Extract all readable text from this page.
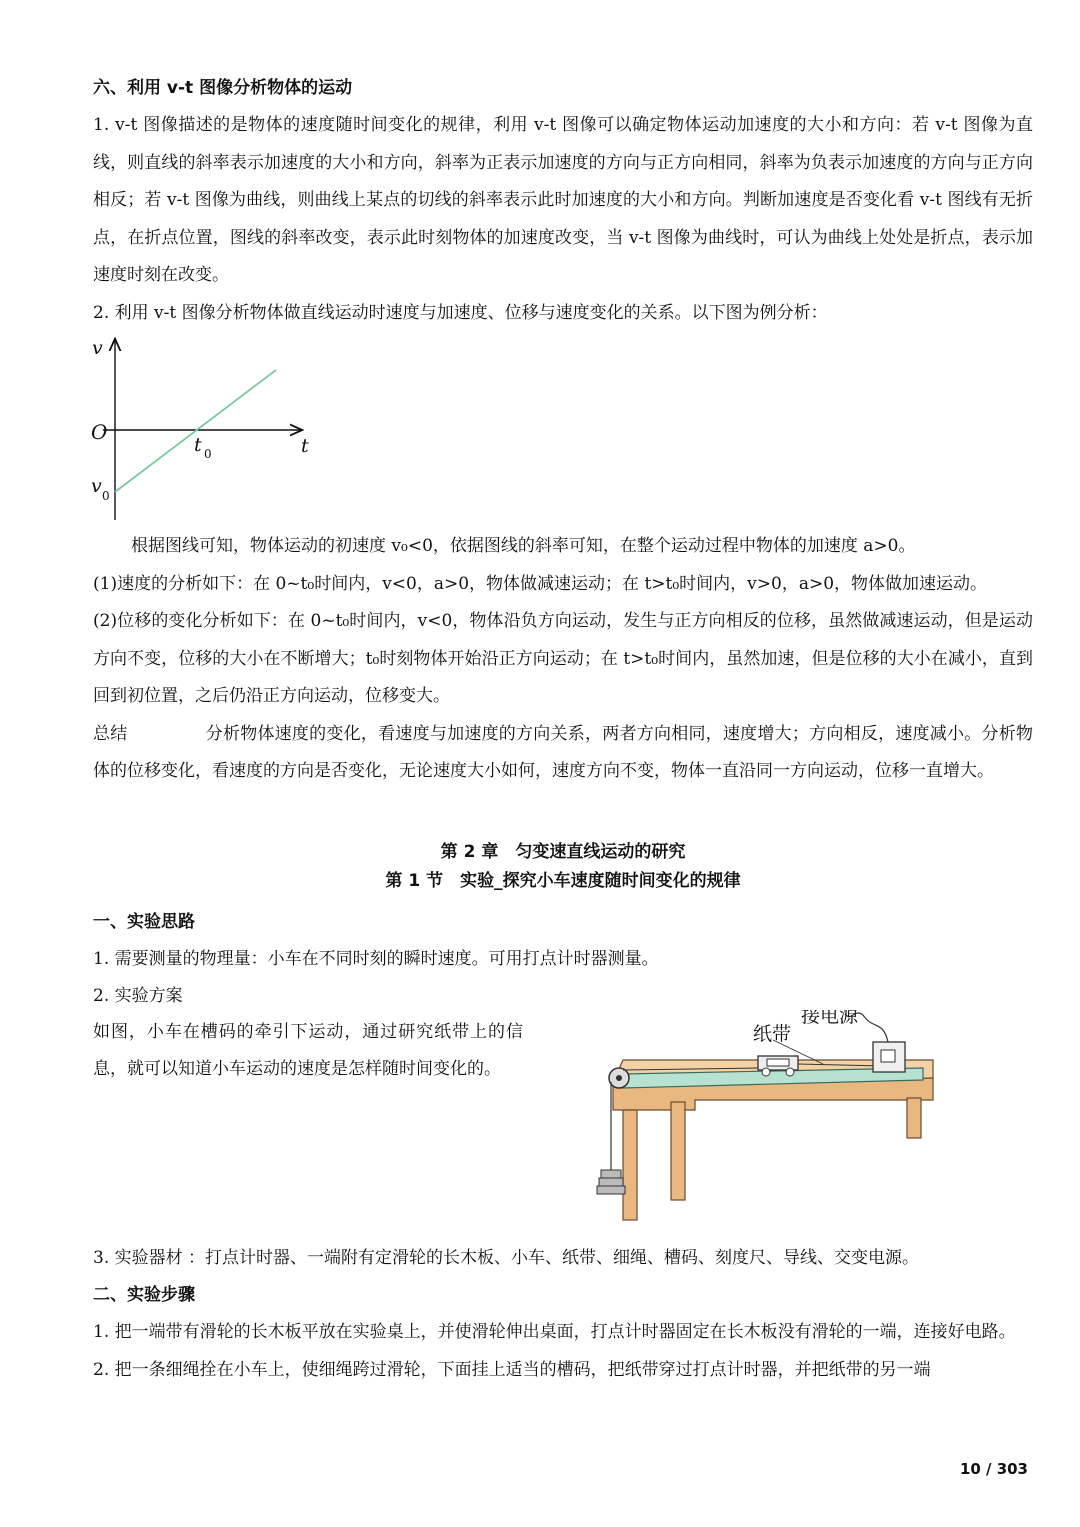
六、利用 v-t 图像分析物体的运动

1. v-t 图像描述的是物体的速度随时间变化的规律，利用 v-t 图像可以确定物体运动加速度的大小和方向：若 v-t 图像为直线，则直线的斜率表示加速度的大小和方向，斜率为正表示加速度的方向与正方向相同，斜率为负表示加速度的方向与正方向相反；若 v-t 图像为曲线，则曲线上某点的切线的斜率表示此时加速度的大小和方向。判断加速度是否变化看 v-t 图线有无折点，在折点位置，图线的斜率改变，表示此时刻物体的加速度改变，当 v-t 图像为曲线时，可认为曲线上处处是折点，表示加速度时刻在改变。

2. 利用 v-t 图像分析物体做直线运动时速度与加速度、位移与速度变化的关系。以下图为例分析：

v
O
t
t 0
v 0

根据图线可知，物体运动的初速度 v₀<0，依据图线的斜率可知，在整个运动过程中物体的加速度 a>0。

(1)速度的分析如下：在 0~t₀时间内，v<0，a>0，物体做减速运动；在 t>t₀时间内，v>0，a>0，物体做加速运动。

(2)位移的变化分析如下：在 0~t₀时间内，v<0，物体沿负方向运动，发生与正方向相反的位移，虽然做减速运动，但是运动方向不变，位移的大小在不断增大；t₀时刻物体开始沿正方向运动；在 t>t₀时间内，虽然加速，但是位移的大小在减小，直到回到初位置，之后仍沿正方向运动，位移变大。

总结	分析物体速度的变化，看速度与加速度的方向关系，两者方向相同，速度增大；方向相反，速度减小。分析物体的位移变化，看速度的方向是否变化，无论速度大小如何，速度方向不变，物体一直沿同一方向运动，位移一直增大。

第 2 章　匀变速直线运动的研究

第 1 节　实验_探究小车速度随时间变化的规律

一、实验思路

1. 需要测量的物理量：小车在不同时刻的瞬时速度。可用打点计时器测量。

2. 实验方案

如图，小车在槽码的牵引下运动，通过研究纸带上的信息，就可以知道小车运动的速度是怎样随时间变化的。

接电源
纸带

3. 实验器材 ：打点计时器、一端附有定滑轮的长木板、小车、纸带、细绳、槽码、刻度尺、导线、交变电源。

二、实验步骤

1. 把一端带有滑轮的长木板平放在实验桌上，并使滑轮伸出桌面，打点计时器固定在长木板没有滑轮的一端，连接好电路。

2. 把一条细绳拴在小车上，使细绳跨过滑轮，下面挂上适当的槽码，把纸带穿过打点计时器，并把纸带的另一端

10 / 303
